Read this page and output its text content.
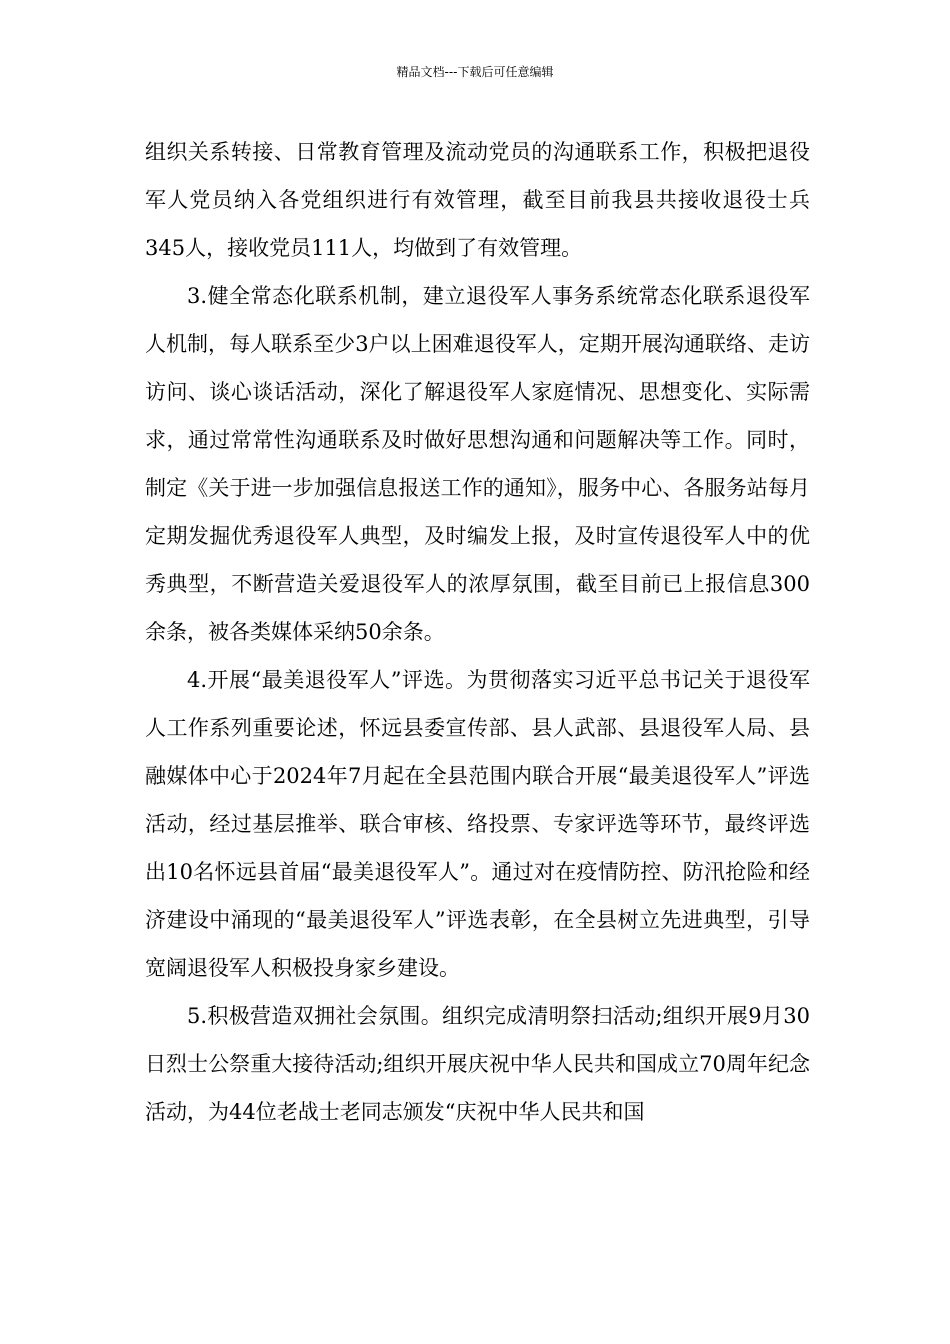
精品文档---下载后可任意编辑

组织关系转接、日常教育管理及流动党员的沟通联系工作，积极把退役军人党员纳入各党组织进行有效管理，截至目前我县共接收退役士兵345人，接收党员111人，均做到了有效管理。

3.健全常态化联系机制，建立退役军人事务系统常态化联系退役军人机制，每人联系至少3户以上困难退役军人，定期开展沟通联络、走访访问、谈心谈话活动，深化了解退役军人家庭情况、思想变化、实际需求，通过常常性沟通联系及时做好思想沟通和问题解决等工作。同时，制定《关于进一步加强信息报送工作的通知》，服务中心、各服务站每月定期发掘优秀退役军人典型，及时编发上报，及时宣传退役军人中的优秀典型，不断营造关爱退役军人的浓厚氛围，截至目前已上报信息300余条，被各类媒体采纳50余条。

4.开展“最美退役军人”评选。为贯彻落实习近平总书记关于退役军人工作系列重要论述，怀远县委宣传部、县人武部、县退役军人局、县融媒体中心于2024年7月起在全县范围内联合开展“最美退役军人”评选活动，经过基层推举、联合审核、络投票、专家评选等环节，最终评选出10名怀远县首届“最美退役军人”。通过对在疫情防控、防汛抢险和经济建设中涌现的“最美退役军人”评选表彰，在全县树立先进典型，引导宽阔退役军人积极投身家乡建设。

5.积极营造双拥社会氛围。组织完成清明祭扫活动;组织开展9月30日烈士公祭重大接待活动;组织开展庆祝中华人民共和国成立70周年纪念活动，为44位老战士老同志颁发“庆祝中华人民共和国
